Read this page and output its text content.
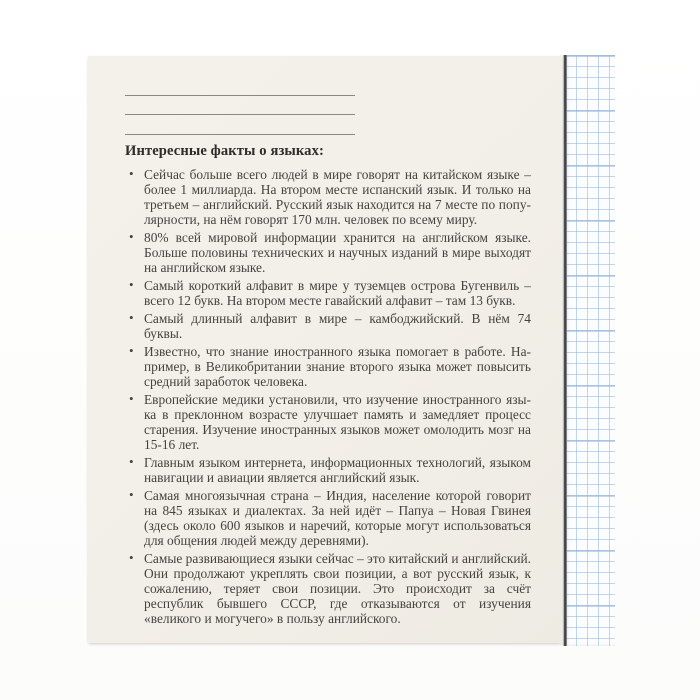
Интересные факты о языках:
• Сейчас больше всего людей в мире говорят на китайском языке – более 1 миллиарда. На втором месте испанский язык. И только на третьем – английский. Русский язык находится на 7 месте по популярности, на нём говорят 170 млн. человек по всему миру.
• 80% всей мировой информации хранится на английском языке. Больше половины технических и научных изданий в мире выходят на английском языке.
• Самый короткий алфавит в мире у туземцев острова Бугенвиль – всего 12 букв. На втором месте гавайский алфавит – там 13 букв.
• Самый длинный алфавит в мире – камбоджийский. В нём 74 буквы.
• Известно, что знание иностранного языка помогает в работе. Например, в Великобритании знание второго языка может повысить средний заработок человека.
• Европейские медики установили, что изучение иностранного языка в преклонном возрасте улучшает память и замедляет процесс старения. Изучение иностранных языков может омолодить мозг на 15-16 лет.
• Главным языком интернета, информационных технологий, языком навигации и авиации является английский язык.
• Самая многоязычная страна – Индия, население которой говорит на 845 языках и диалектах. За ней идёт – Папуа – Новая Гвинея (здесь около 600 языков и наречий, которые могут использоваться для общения людей между деревнями).
• Самые развивающиеся языки сейчас – это китайский и английский. Они продолжают укреплять свои позиции, а вот русский язык, к сожалению, теряет свои позиции. Это происходит за счёт республик бывшего СССР, где отказываются от изучения «великого и могучего» в пользу английского.
